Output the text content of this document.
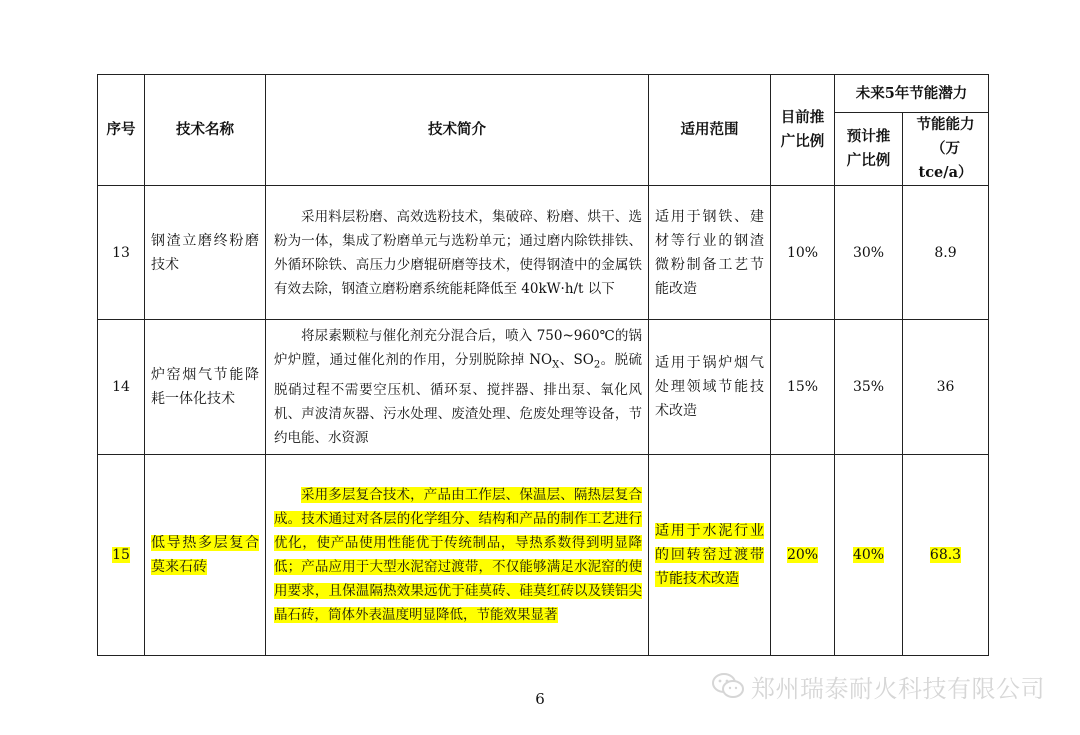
序号	技术名称	技术简介	适用范围	目前推广比例	未来5年节能潜力	
					预计推广比例	节能能力（万 tce/a）
13	钢渣立磨终粉磨技术	采用料层粉磨、高效选粉技术，集破碎、粉磨、烘干、选粉为一体，集成了粉磨单元与选粉单元；通过磨内除铁排铁、外循环除铁、高压力少磨辊研磨等技术，使得钢渣中的金属铁有效去除，钢渣立磨粉磨系统能耗降低至 40kW·h/t 以下	适用于钢铁、建材等行业的钢渣微粉制备工艺节能改造	10%	30%	8.9
14	炉窑烟气节能降耗一体化技术	将尿素颗粒与催化剂充分混合后，喷入 750~960℃的锅炉炉膛，通过催化剂的作用，分别脱除掉 $NO_X$、$SO_2$。脱硫脱硝过程不需要空压机、循环泵、搅拌器、排出泵、氧化风机、声波清灰器、污水处理、废渣处理、危废处理等设备，节约电能、水资源	适用于锅炉烟气处理领域节能技术改造	15%	35%	36
15	低导热多层复合莫来石砖	采用多层复合技术，产品由工作层、保温层、隔热层复合成。技术通过对各层的化学组分、结构和产品的制作工艺进行优化，使产品使用性能优于传统制品，导热系数得到明显降低；产品应用于大型水泥窑过渡带，不仅能够满足水泥窑的使用要求，且保温隔热效果远优于硅莫砖、硅莫红砖以及镁铝尖晶石砖，筒体外表温度明显降低，节能效果显著	适用于水泥行业的回转窑过渡带节能技术改造	20%	40%	68.3
6	郑州瑞泰耐火科技有限公司
